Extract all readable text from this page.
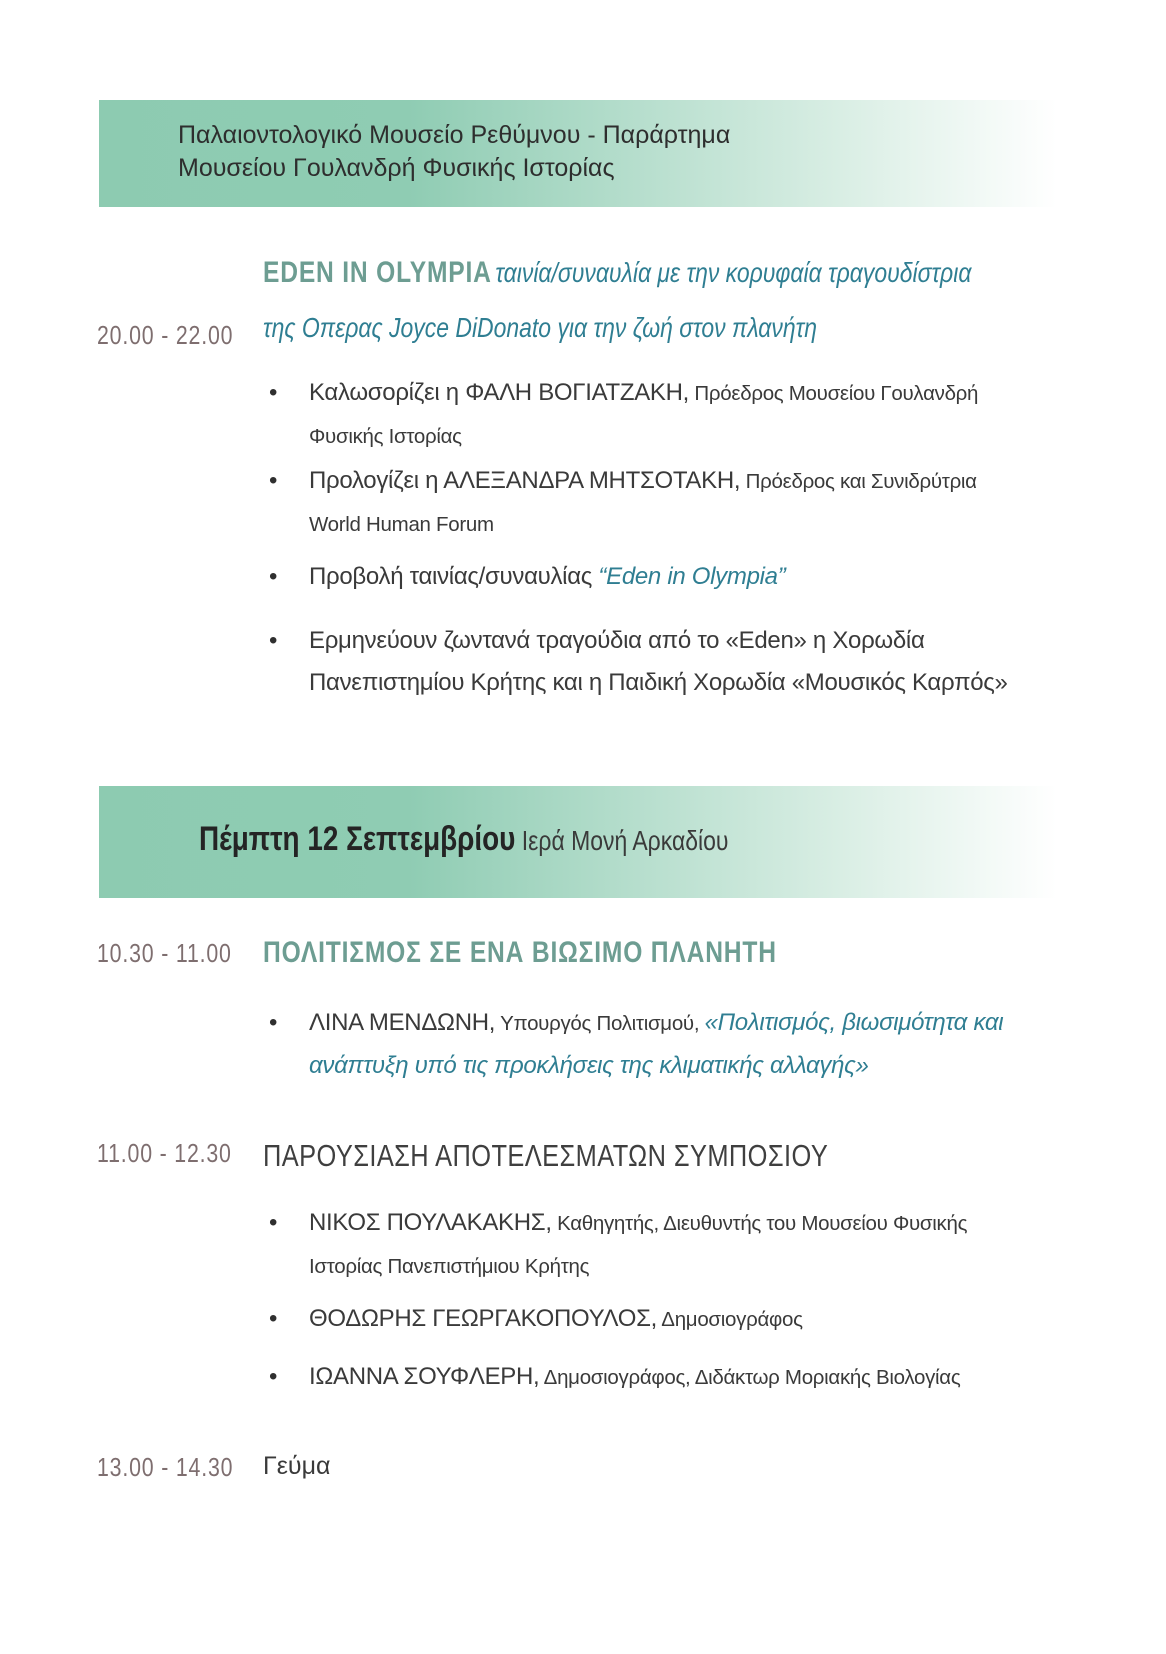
Παλαιοντολογικό Μουσείο Ρεθύμνου - Παράρτημα
Μουσείου Γουλανδρή Φυσικής Ιστορίας
20.00 - 22.00
EDEN IN OLYMPIA ταινία/συναυλία με την κορυφαία τραγουδίστρια
της Οπερας Joyce DiDonato για την ζωή στον πλανήτη
• Καλωσορίζει η ΦΑΛΗ ΒΟΓΙΑΤΖΑΚΗ, Πρόεδρος Μουσείου Γουλανδρή Φυσικής Ιστορίας
• Προλογίζει η ΑΛΕΞΑΝΔΡΑ ΜΗΤΣΟΤΑΚΗ, Πρόεδρος και Συνιδρύτρια World Human Forum
• Προβολή ταινίας/συναυλίας “Eden in Olympia”
• Ερμηνεύουν ζωντανά τραγούδια από το «Eden» η Χορωδία Πανεπιστημίου Κρήτης και η Παιδική Χορωδία «Μουσικός Καρπός»
Πέμπτη 12 Σεπτεμβρίου Ιερά Μονή Αρκαδίου
10.30 - 11.00 ΠΟΛΙΤΙΣΜΟΣ ΣΕ ΕΝΑ ΒΙΩΣΙΜΟ ΠΛΑΝΗΤΗ
• ΛΙΝΑ ΜΕΝΔΩΝΗ, Υπουργός Πολιτισμού, «Πολιτισμός, βιωσιμότητα και ανάπτυξη υπό τις προκλήσεις της κλιματικής αλλαγής»
11.00 - 12.30 ΠΑΡΟΥΣΙΑΣΗ ΑΠΟΤΕΛΕΣΜΑΤΩΝ ΣΥΜΠΟΣΙΟΥ
• ΝΙΚΟΣ ΠΟΥΛΑΚΑΚΗΣ, Καθηγητής, Διευθυντής του Μουσείου Φυσικής Ιστορίας Πανεπιστήμιου Κρήτης
• ΘΟΔΩΡΗΣ ΓΕΩΡΓΑΚΟΠΟΥΛΟΣ, Δημοσιογράφος
• ΙΩΑΝΝΑ ΣΟΥΦΛΕΡΗ, Δημοσιογράφος, Διδάκτωρ Μοριακής Βιολογίας
13.00 - 14.30 Γεύμα
